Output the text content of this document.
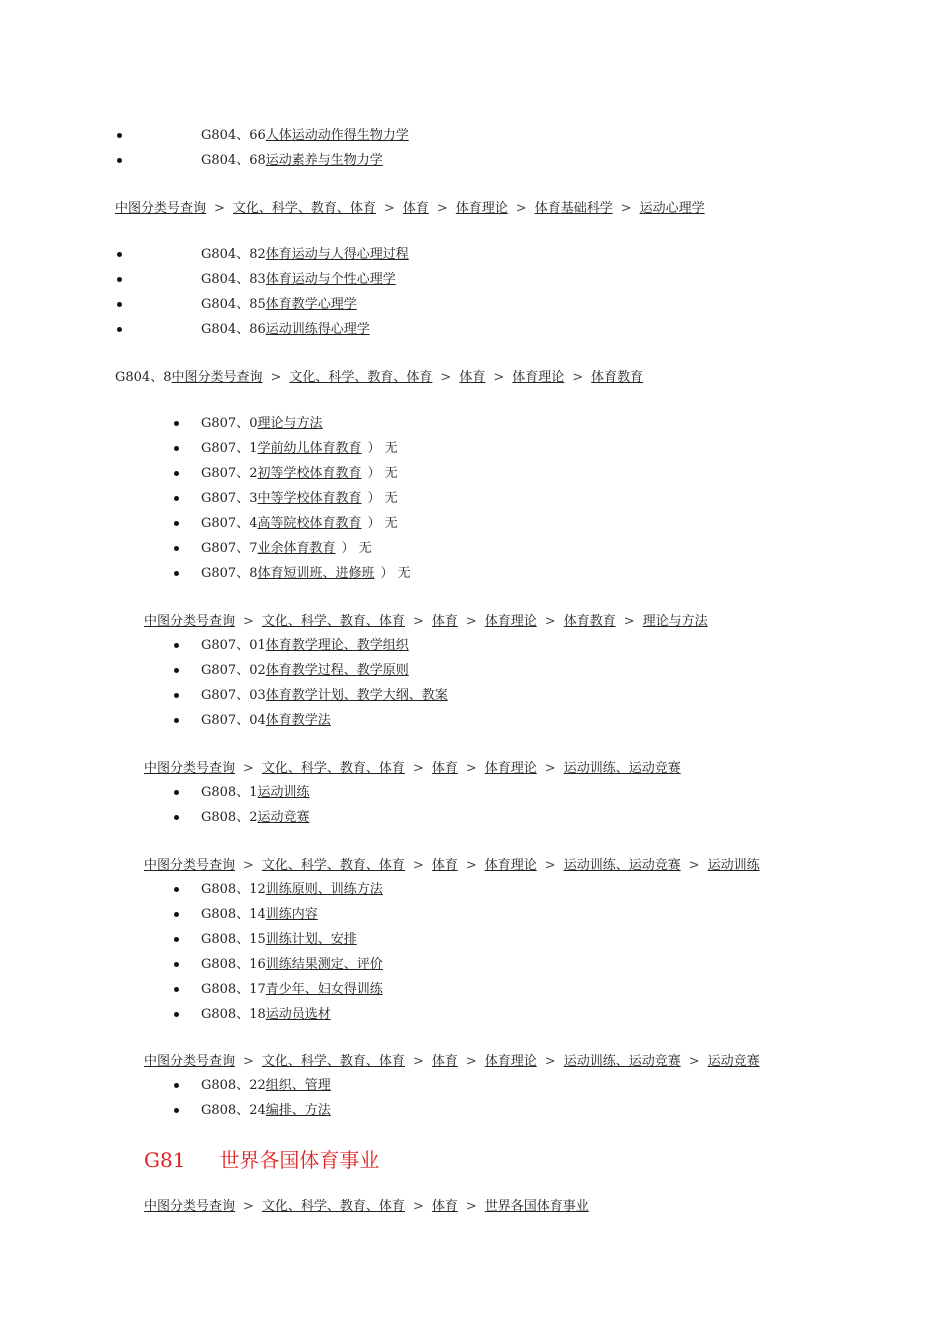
G804、66人体运动动作得生物力学
G804、68运动素养与生物力学
中图分类号查询 > 文化、科学、教育、体育 > 体育 > 体育理论 > 体育基础科学 > 运动心理学
G804、82体育运动与人得心理过程
G804、83体育运动与个性心理学
G804、85体育教学心理学
G804、86运动训练得心理学
G804、8中图分类号查询 > 文化、科学、教育、体育 > 体育 > 体育理论 > 体育教育
G807、0理论与方法
G807、1学前幼儿体育教育 ） 无
G807、2初等学校体育教育 ） 无
G807、3中等学校体育教育 ） 无
G807、4高等院校体育教育 ） 无
G807、7业余体育教育 ） 无
G807、8体育短训班、进修班 ） 无
中图分类号查询 > 文化、科学、教育、体育 > 体育 > 体育理论 > 体育教育 > 理论与方法
G807、01体育教学理论、教学组织
G807、02体育教学过程、教学原则
G807、03体育教学计划、教学大纲、教案
G807、04体育教学法
中图分类号查询 > 文化、科学、教育、体育 > 体育 > 体育理论 > 运动训练、运动竞赛
G808、1运动训练
G808、2运动竞赛
中图分类号查询 > 文化、科学、教育、体育 > 体育 > 体育理论 > 运动训练、运动竞赛 > 运动训练
G808、12训练原则、训练方法
G808、14训练内容
G808、15训练计划、安排
G808、16训练结果测定、评价
G808、17青少年、妇女得训练
G808、18运动员选材
中图分类号查询 > 文化、科学、教育、体育 > 体育 > 体育理论 > 运动训练、运动竞赛 > 运动竞赛
G808、22组织、管理
G808、24编排、方法
G81 世界各国体育事业
中图分类号查询 > 文化、科学、教育、体育 > 体育 > 世界各国体育事业
